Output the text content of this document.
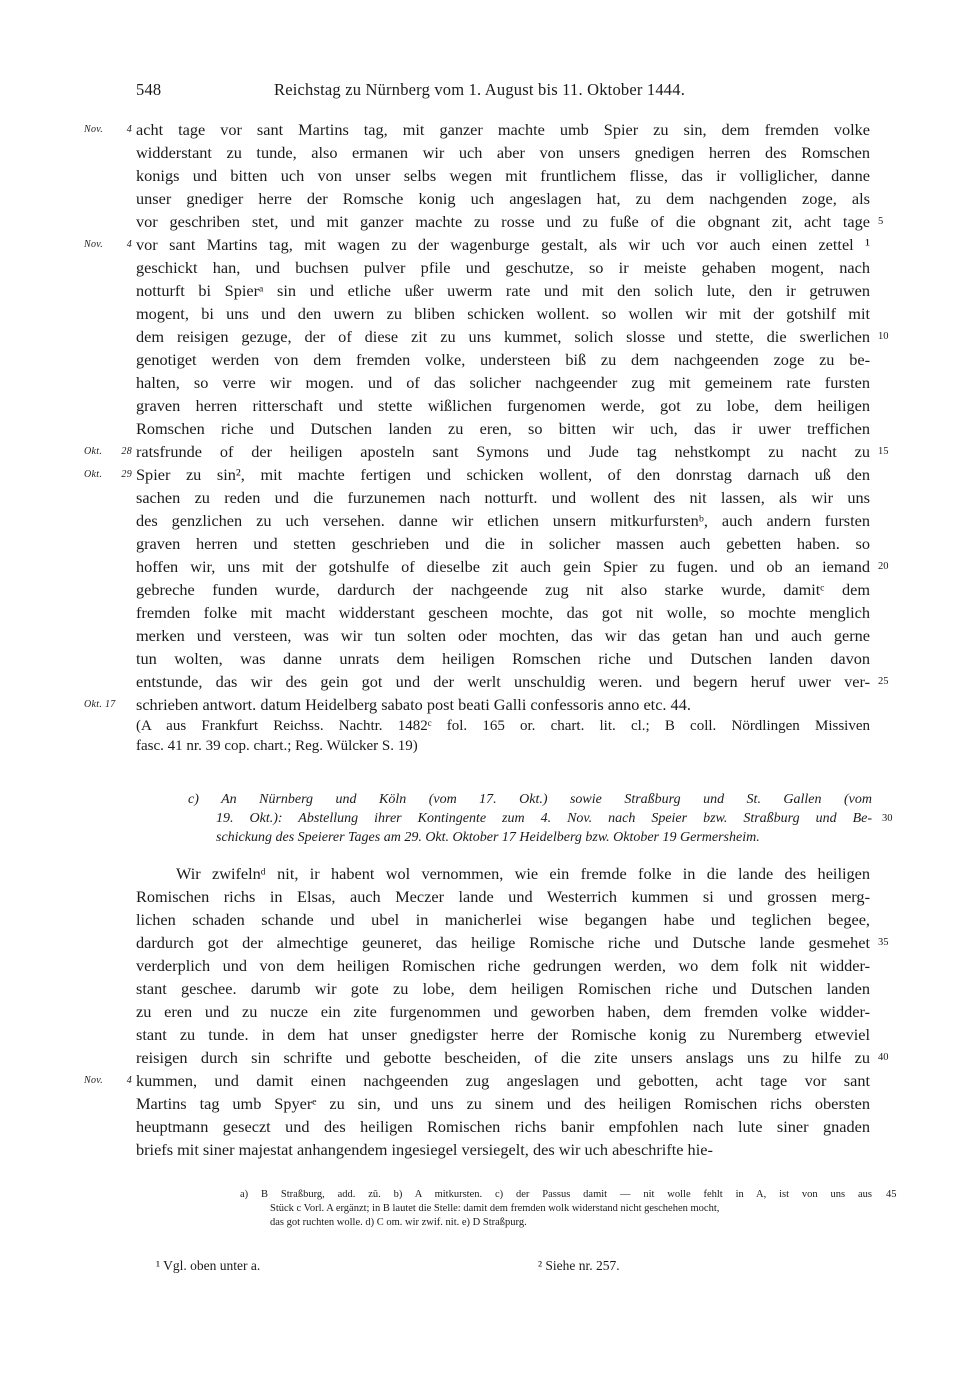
548	Reichstag zu Nürnberg vom 1. August bis 11. Oktober 1444.
acht tage vor sant Martins tag, mit ganzer machte umb Spier zu sin, dem fremden volke
Nov. 4
widderstant zu tunde, also ermanen wir uch aber von unsers gnedigen herren des Romschen
konigs und bitten uch von unser selbs wegen mit fruntlichem flisse, das ir volliglicher, danne
unser gnediger herre der Romsche konig uch angeslagen hat, zu dem nachgenden zoge, als
vor geschriben stet, und mit ganzer machte zu rosse und zu fuße of die obgnant zit, acht tage 5
vor sant Martins tag, mit wagen zu der wagenburge gestalt, als wir uch vor auch einen zettel ¹
Nov. 4
geschickt han, und buchsen pulver pfile und geschutze, so ir meiste gehaben mogent, nach
notturft bi Spierᵃ sin und etliche ußer uwerm rate und mit den solich lute, den ir getruwen
mogent, bi uns und den uwern zu bliben schicken wollent. so wollen wir mit der gotshilf mit
dem reisigen gezuge, der of diese zit zu uns kummet, solich slosse und stette, die swerlichen 10
genotiget werden von dem fremden volke, understeen biß zu dem nachgeenden zoge zu be-
halten, so verre wir mogen. und of das solicher nachgeender zug mit gemeinem rate fursten
graven herren ritterschaft und stette wißlichen furgenomen werde, got zu lobe, dem heiligen
Romschen riche und Dutschen landen zu eren, so bitten wir uch, das ir uwer treffichen
ratsfrunde of der heiligen aposteln sant Symons und Jude tag nehstkompt zu nacht zu
Okt. 28	15
Spier zu sin², mit machte fertigen und schicken wollent, of den donrstag darnach uß den
Okt. 29
sachen zu reden und die furzunemen nach notturft. und wollent des nit lassen, als wir uns
des genzlichen zu uch versehen. danne wir etlichen unsern mitkurfurstenᵇ, auch andern fursten
graven herren und stetten geschrieben und die in solicher massen auch gebetten haben. so
hoffen wir, uns mit der gotshulfe of dieselbe zit auch gein Spier zu fugen. und ob an iemand 20
gebreche funden wurde, dardurch der nachgeende zug nit also starke wurde, damitᶜ dem
fremden folke mit macht widderstant gescheen mochte, das got nit wolle, so mochte menglich
merken und versteen, was wir tun solten oder mochten, das wir das getan han und auch gerne
tun wolten, was danne unrats dem heiligen Romschen riche und Dutschen landen davon
entstunde, das wir des gein got und der werlt unschuldig weren. und begern heruf uwer ver- 25
schrieben antwort. datum Heidelberg sabato post beati Galli confessoris anno etc. 44.
Okt. 17
(A aus Frankfurt Reichss. Nachtr. 1482ᶜ fol. 165 or. chart. lit. cl.; B coll. Nördlingen Missiven
fasc. 41 nr. 39 cop. chart.; Reg. Wülcker S. 19)
c) An Nürnberg und Köln (vom 17. Okt.) sowie Straßburg und St. Gallen (vom
19. Okt.): Abstellung ihrer Kontingente zum 4. Nov. nach Speier bzw. Straßburg und Be- 30
schickung des Speierer Tages am 29. Okt. Oktober 17 Heidelberg bzw. Oktober 19 Germersheim.
Wir zwifelnᵈ nit, ir habent wol vernommen, wie ein fremde folke in die lande des heiligen
Romischen richs in Elsas, auch Meczer lande und Westerrich kummen si und grossen merg-
lichen schaden schande und ubel in manicherlei wise begangen habe und teglichen begee,
dardurch got der almechtige geuneret, das heilige Romische riche und Dutsche lande gesmehet 35
verderplich und von dem heiligen Romischen riche gedrungen werden, wo dem folk nit widder-
stant geschee. darumb wir gote zu lobe, dem heiligen Romischen riche und Dutschen landen
zu eren und zu nucze ein zite furgenommen und geworben haben, dem fremden volke widder-
stant zu tunde. in dem hat unser gnedigster herre der Romische konig zu Nuremberg etweviel
reisigen durch sin schrifte und gebotte bescheiden, of die zite unsers anslags uns zu hilfe zu 40
kummen, und damit einen nachgeenden zug angeslagen und gebotten, acht tage vor sant
Nov. 4
Martins tag umb Spyerᵉ zu sin, und uns zu sinem und des heiligen Romischen richs obersten
heuptmann geseczt und des heiligen Romischen richs banir empfohlen nach lute siner gnaden
briefs mit siner majestat anhangendem ingesiegel versiegelt, des wir uch abeschrifte hie-
a) B Straßburg, add. zû. b) A mitkursten. c) der Passus damit — nit wolle fehlt in A, ist von uns aus 45
Stück c Vorl. A ergänzt; in B lautet die Stelle: damit dem fremden wolk widerstand nicht geschehen mocht,
das got ruchten wolle. d) C om. wir zwif. nit. e) D Straßpurg.
¹ Vgl. oben unter a.	² Siehe nr. 257.
